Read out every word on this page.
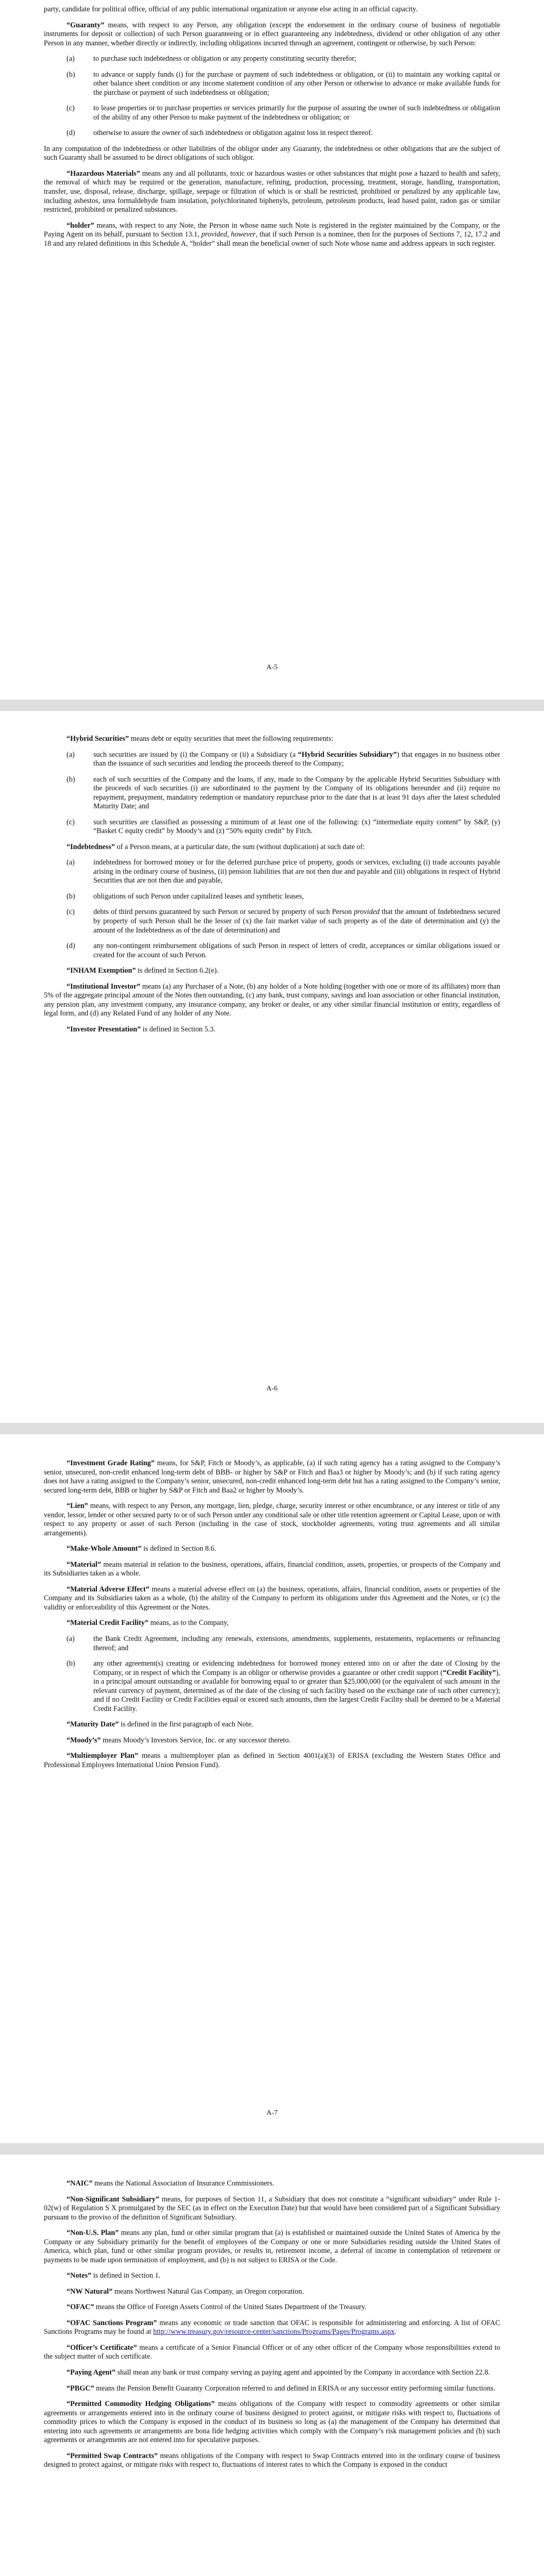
party, candidate for political office, official of any public international organization or anyone else acting in an official capacity.

“Guaranty” means, with respect to any Person, any obligation (except the endorsement in the ordinary course of business of negotiable instruments for deposit or collection) of such Person guaranteeing or in effect guaranteeing any indebtedness, dividend or other obligation of any other Person in any manner, whether directly or indirectly, including obligations incurred through an agreement, contingent or otherwise, by such Person:

(a)	to purchase such indebtedness or obligation or any property constituting security therefor;

(b) to advance or supply funds (i) for the purchase or payment of such indebtedness or obligation, or (ii) to maintain any working capital or other balance sheet condition or any income statement condition of any other Person or otherwise to advance or make available funds for the purchase or payment of such indebtedness or obligation;

(c)	to lease properties or to purchase properties or services primarily for the purpose of assuring the owner of such indebtedness or obligation of the ability of any other Person to make payment of the indebtedness or obligation; or

(d) otherwise to assure the owner of such indebtedness or obligation against loss in respect thereof.

In any computation of the indebtedness or other liabilities of the obligor under any Guaranty, the indebtedness or other obligations that are the subject of such Guaranty shall be assumed to be direct obligations of such obligor.

“Hazardous Materials” means any and all pollutants, toxic or hazardous wastes or other substances that might pose a hazard to health and safety, the removal of which may be required or the generation, manufacture, refining, production, processing, treatment, storage, handling, transportation, transfer, use, disposal, release, discharge, spillage, seepage or filtration of which is or shall be restricted, prohibited or penalized by any applicable law, including asbestos, urea formaldehyde foam insulation, polychlorinated biphenyls, petroleum, petroleum products, lead based paint, radon gas or similar restricted, prohibited or penalized substances.

“holder” means, with respect to any Note, the Person in whose name such Note is registered in the register maintained by the Company, or the Paying Agent on its behalf, pursuant to Section 13.1, provided, however, that if such Person is a nominee, then for the purposes of Sections 7, 12, 17.2 and 18 and any related definitions in this Schedule A, “holder” shall mean the beneficial owner of such Note whose name and address appears in such register.

A-5

“Hybrid Securities” means debt or equity securities that meet the following requirements:

(a)	such securities are issued by (i) the Company or (ii) a Subsidiary (a “Hybrid Securities Subsidiary”) that engages in no business other than the issuance of such securities and lending the proceeds thereof to the Company;

(b) each of such securities of the Company and the loans, if any, made to the Company by the applicable Hybrid Securities Subsidiary with the proceeds of such securities (i) are subordinated to the payment by the Company of its obligations hereunder and (ii) require no repayment, prepayment, mandatory redemption or mandatory repurchase prior to the date that is at least 91 days after the latest scheduled Maturity Date; and

(c)	such securities are classified as possessing a minimum of at least one of the following: (x) “intermediate equity content” by S&P, (y) “Basket C equity credit” by Moody’s and (z) “50% equity credit” by Fitch.

“Indebtedness” of a Person means, at a particular date, the sum (without duplication) at such date of:

(a)	indebtedness for borrowed money or for the deferred purchase price of property, goods or services, excluding (i) trade accounts payable arising in the ordinary course of business, (ii) pension liabilities that are not then due and payable and (iii) obligations in respect of Hybrid Securities that are not then due and payable,

(b) obligations of such Person under capitalized leases and synthetic leases,

(c)	debts of third persons guaranteed by such Person or secured by property of such Person provided that the amount of Indebtedness secured by property of such Person shall be the lesser of (x) the fair market value of such property as of the date of determination and (y) the amount of the Indebtedness as of the date of determination) and

(d) any non-contingent reimbursement obligations of such Person in respect of letters of credit, acceptances or similar obligations issued or created for the account of such Person.

“INHAM Exemption” is defined in Section 6.2(e).

“Institutional Investor” means (a) any Purchaser of a Note, (b) any holder of a Note holding (together with one or more of its affiliates) more than 5% of the aggregate principal amount of the Notes then outstanding, (c) any bank, trust company, savings and loan association or other financial institution, any pension plan, any investment company, any insurance company, any broker or dealer, or any other similar financial institution or entity, regardless of legal form, and (d) any Related Fund of any holder of any Note.

“Investor Presentation” is defined in Section 5.3.

A-6

“Investment Grade Rating” means, for S&P, Fitch or Moody’s, as applicable, (a) if such rating agency has a rating assigned to the Company’s senior, unsecured, non-credit enhanced long-term debt of BBB- or higher by S&P or Fitch and Baa3 or higher by Moody’s; and (b) if such rating agency does not have a rating assigned to the Company’s senior, unsecured, non-credit enhanced long-term debt but has a rating assigned to the Company’s senior, secured long-term debt, BBB or higher by S&P or Fitch and Baa2 or higher by Moody’s.

“Lien” means, with respect to any Person, any mortgage, lien, pledge, charge, security interest or other encumbrance, or any interest or title of any vendor, lessor, lender or other secured party to or of such Person under any conditional sale or other title retention agreement or Capital Lease, upon or with respect to any property or asset of such Person (including in the case of stock, stockholder agreements, voting trust agreements and all similar arrangements).

“Make-Whole Amount” is defined in Section 8.6.

“Material” means material in relation to the business, operations, affairs, financial condition, assets, properties, or prospects of the Company and its Subsidiaries taken as a whole.

“Material Adverse Effect” means a material adverse effect on (a) the business, operations, affairs, financial condition, assets or properties of the Company and its Subsidiaries taken as a whole, (b) the ability of the Company to perform its obligations under this Agreement and the Notes, or (c) the validity or enforceability of this Agreement or the Notes.

“Material Credit Facility” means, as to the Company,

(a)	the Bank Credit Agreement, including any renewals, extensions, amendments, supplements, restatements, replacements or refinancing thereof; and

(b) any other agreement(s) creating or evidencing indebtedness for borrowed money entered into on or after the date of Closing by the Company, or in respect of which the Company is an obligor or otherwise provides a guarantee or other credit support (“Credit Facility”), in a principal amount outstanding or available for borrowing equal to or greater than $25,000,000 (or the equivalent of such amount in the relevant currency of payment, determined as of the date of the closing of such facility based on the exchange rate of such other currency); and if no Credit Facility or Credit Facilities equal or exceed such amounts, then the largest Credit Facility shall be deemed to be a Material Credit Facility.

“Maturity Date” is defined in the first paragraph of each Note.

“Moody’s” means Moody’s Investors Service, Inc. or any successor thereto.

“Multiemployer Plan” means a multiemployer plan as defined in Section 4001(a)(3) of ERISA (excluding the Western States Office and Professional Employees International Union Pension Fund).

A-7

“NAIC” means the National Association of Insurance Commissioners.

“Non-Significant Subsidiary” means, for purposes of Section 11, a Subsidiary that does not constitute a “significant subsidiary” under Rule 1-02(w) of Regulation S X promulgated by the SEC (as in effect on the Execution Date) but that would have been considered part of a Significant Subsidiary pursuant to the proviso of the definition of Significant Subsidiary.

“Non-U.S. Plan” means any plan, fund or other similar program that (a) is established or maintained outside the United States of America by the Company or any Subsidiary primarily for the benefit of employees of the Company or one or more Subsidiaries residing outside the United States of America, which plan, fund or other similar program provides, or results in, retirement income, a deferral of income in contemplation of retirement or payments to be made upon termination of employment, and (b) is not subject to ERISA or the Code.

“Notes” is defined in Section 1.

“NW Natural” means Northwest Natural Gas Company, an Oregon corporation.

“OFAC” means the Office of Foreign Assets Control of the United States Department of the Treasury.

“OFAC Sanctions Program” means any economic or trade sanction that OFAC is responsible for administering and enforcing. A list of OFAC Sanctions Programs may be found at http://www.treasury.gov/resource-center/sanctions/Programs/Pages/Programs.aspx.

“Officer’s Certificate” means a certificate of a Senior Financial Officer or of any other officer of the Company whose responsibilities extend to the subject matter of such certificate.

“Paying Agent” shall mean any bank or trust company serving as paying agent and appointed by the Company in accordance with Section 22.8.

“PBGC” means the Pension Benefit Guaranty Corporation referred to and defined in ERISA or any successor entity performing similar functions.

“Permitted Commodity Hedging Obligations” means obligations of the Company with respect to commodity agreements or other similar agreements or arrangements entered into in the ordinary course of business designed to protect against, or mitigate risks with respect to, fluctuations of commodity prices to which the Company is exposed in the conduct of its business so long as (a) the management of the Company has determined that entering into such agreements or arrangements are bona fide hedging activities which comply with the Company’s risk management policies and (b) such agreements or arrangements are not entered into for speculative purposes.

“Permitted Swap Contracts” means obligations of the Company with respect to Swap Contracts entered into in the ordinary course of business designed to protect against, or mitigate risks with respect to, fluctuations of interest rates to which the Company is exposed in the conduct
